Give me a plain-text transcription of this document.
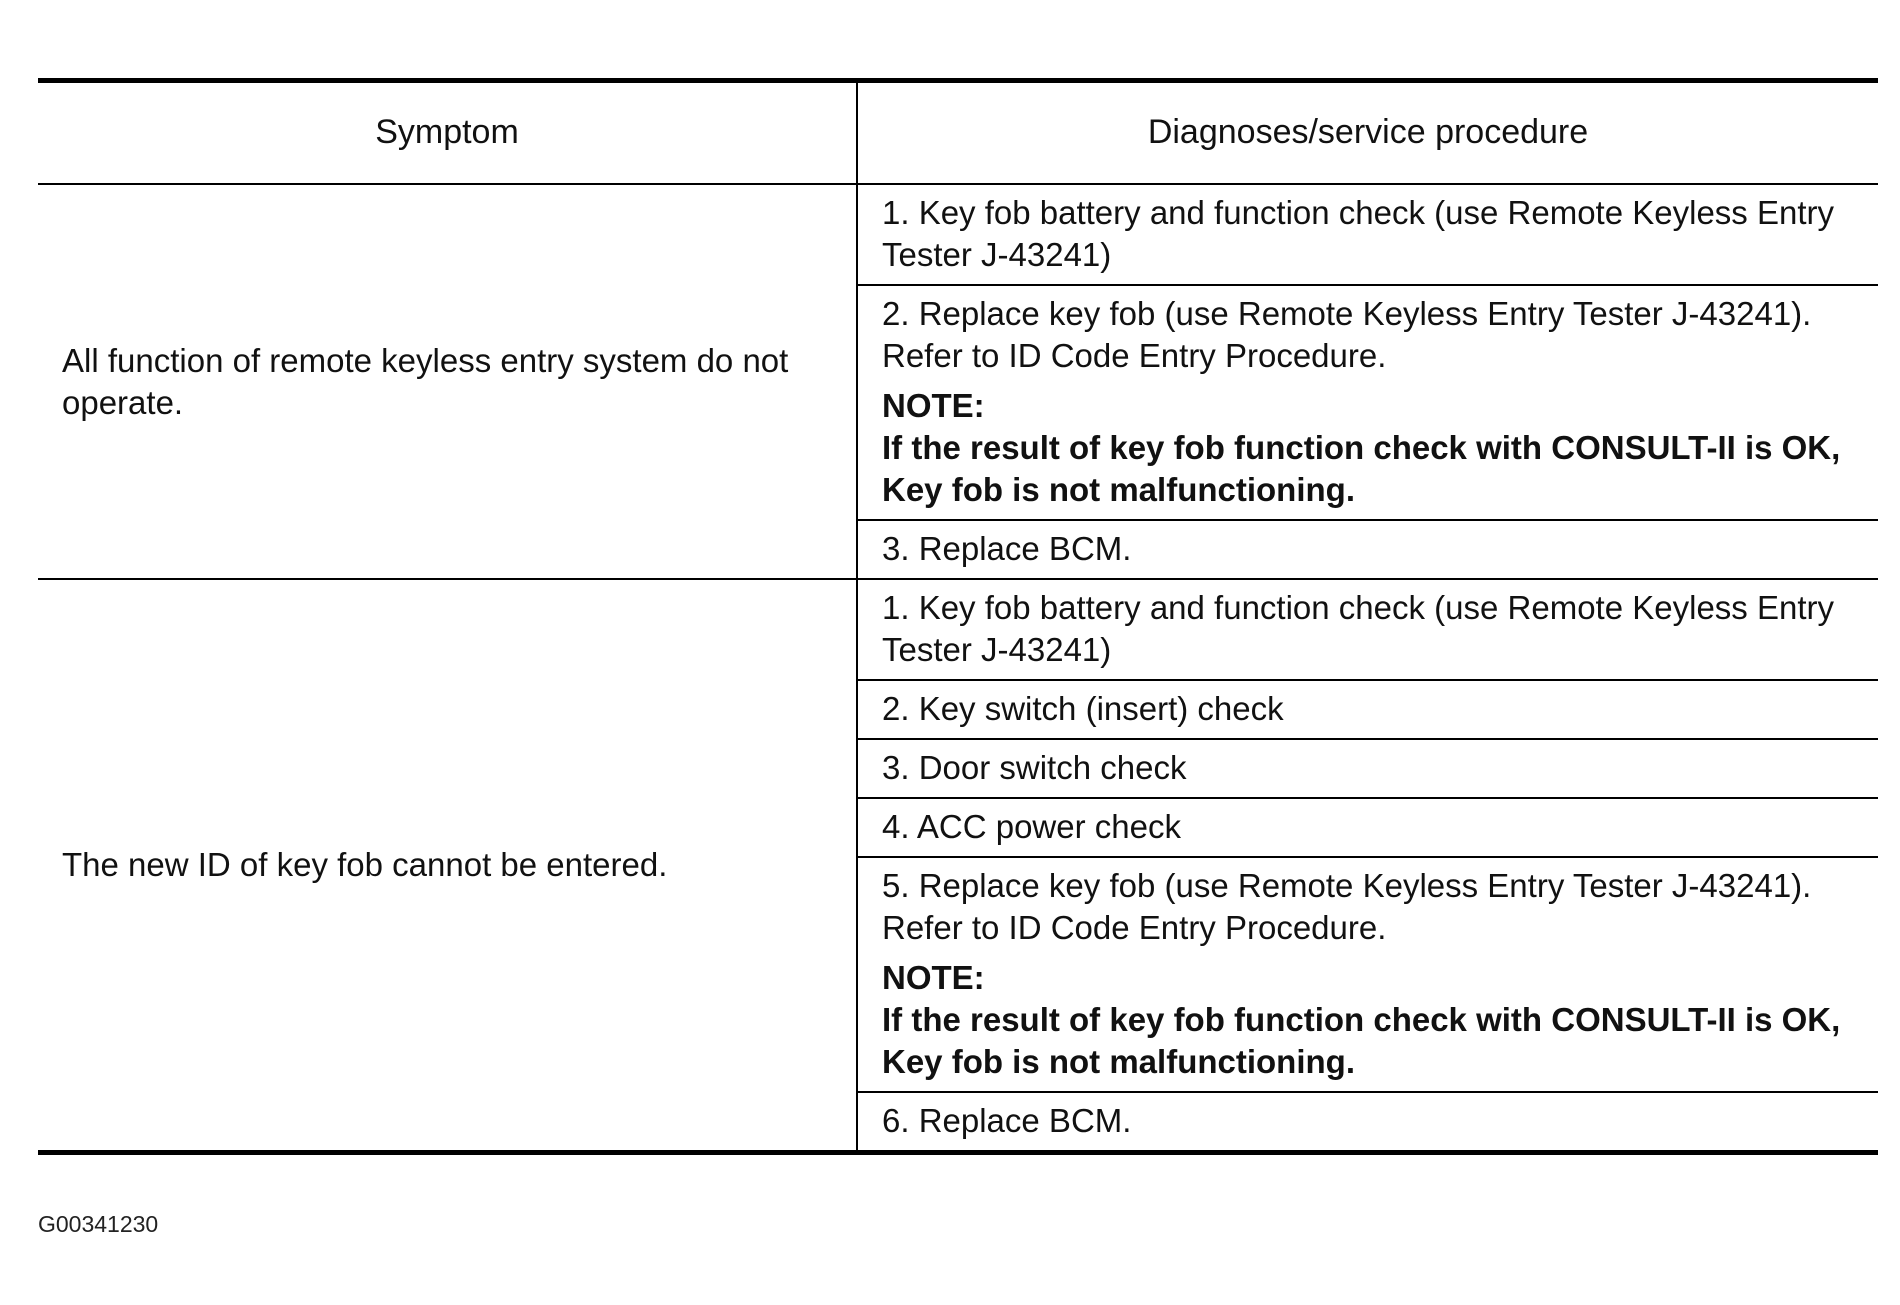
Symptom	Diagnoses/service procedure
All function of remote keyless entry system do not operate.
1. Key fob battery and function check (use Remote Keyless Entry Tester J-43241)
2. Replace key fob (use Remote Keyless Entry Tester J-43241). Refer to ID Code Entry Procedure.
NOTE:
If the result of key fob function check with CONSULT-II is OK, Key fob is not malfunctioning.
3. Replace BCM.
The new ID of key fob cannot be entered.
1. Key fob battery and function check (use Remote Keyless Entry Tester J-43241)
2. Key switch (insert) check
3. Door switch check
4. ACC power check
5. Replace key fob (use Remote Keyless Entry Tester J-43241). Refer to ID Code Entry Procedure.
NOTE:
If the result of key fob function check with CONSULT-II is OK, Key fob is not malfunctioning.
6. Replace BCM.
G00341230
